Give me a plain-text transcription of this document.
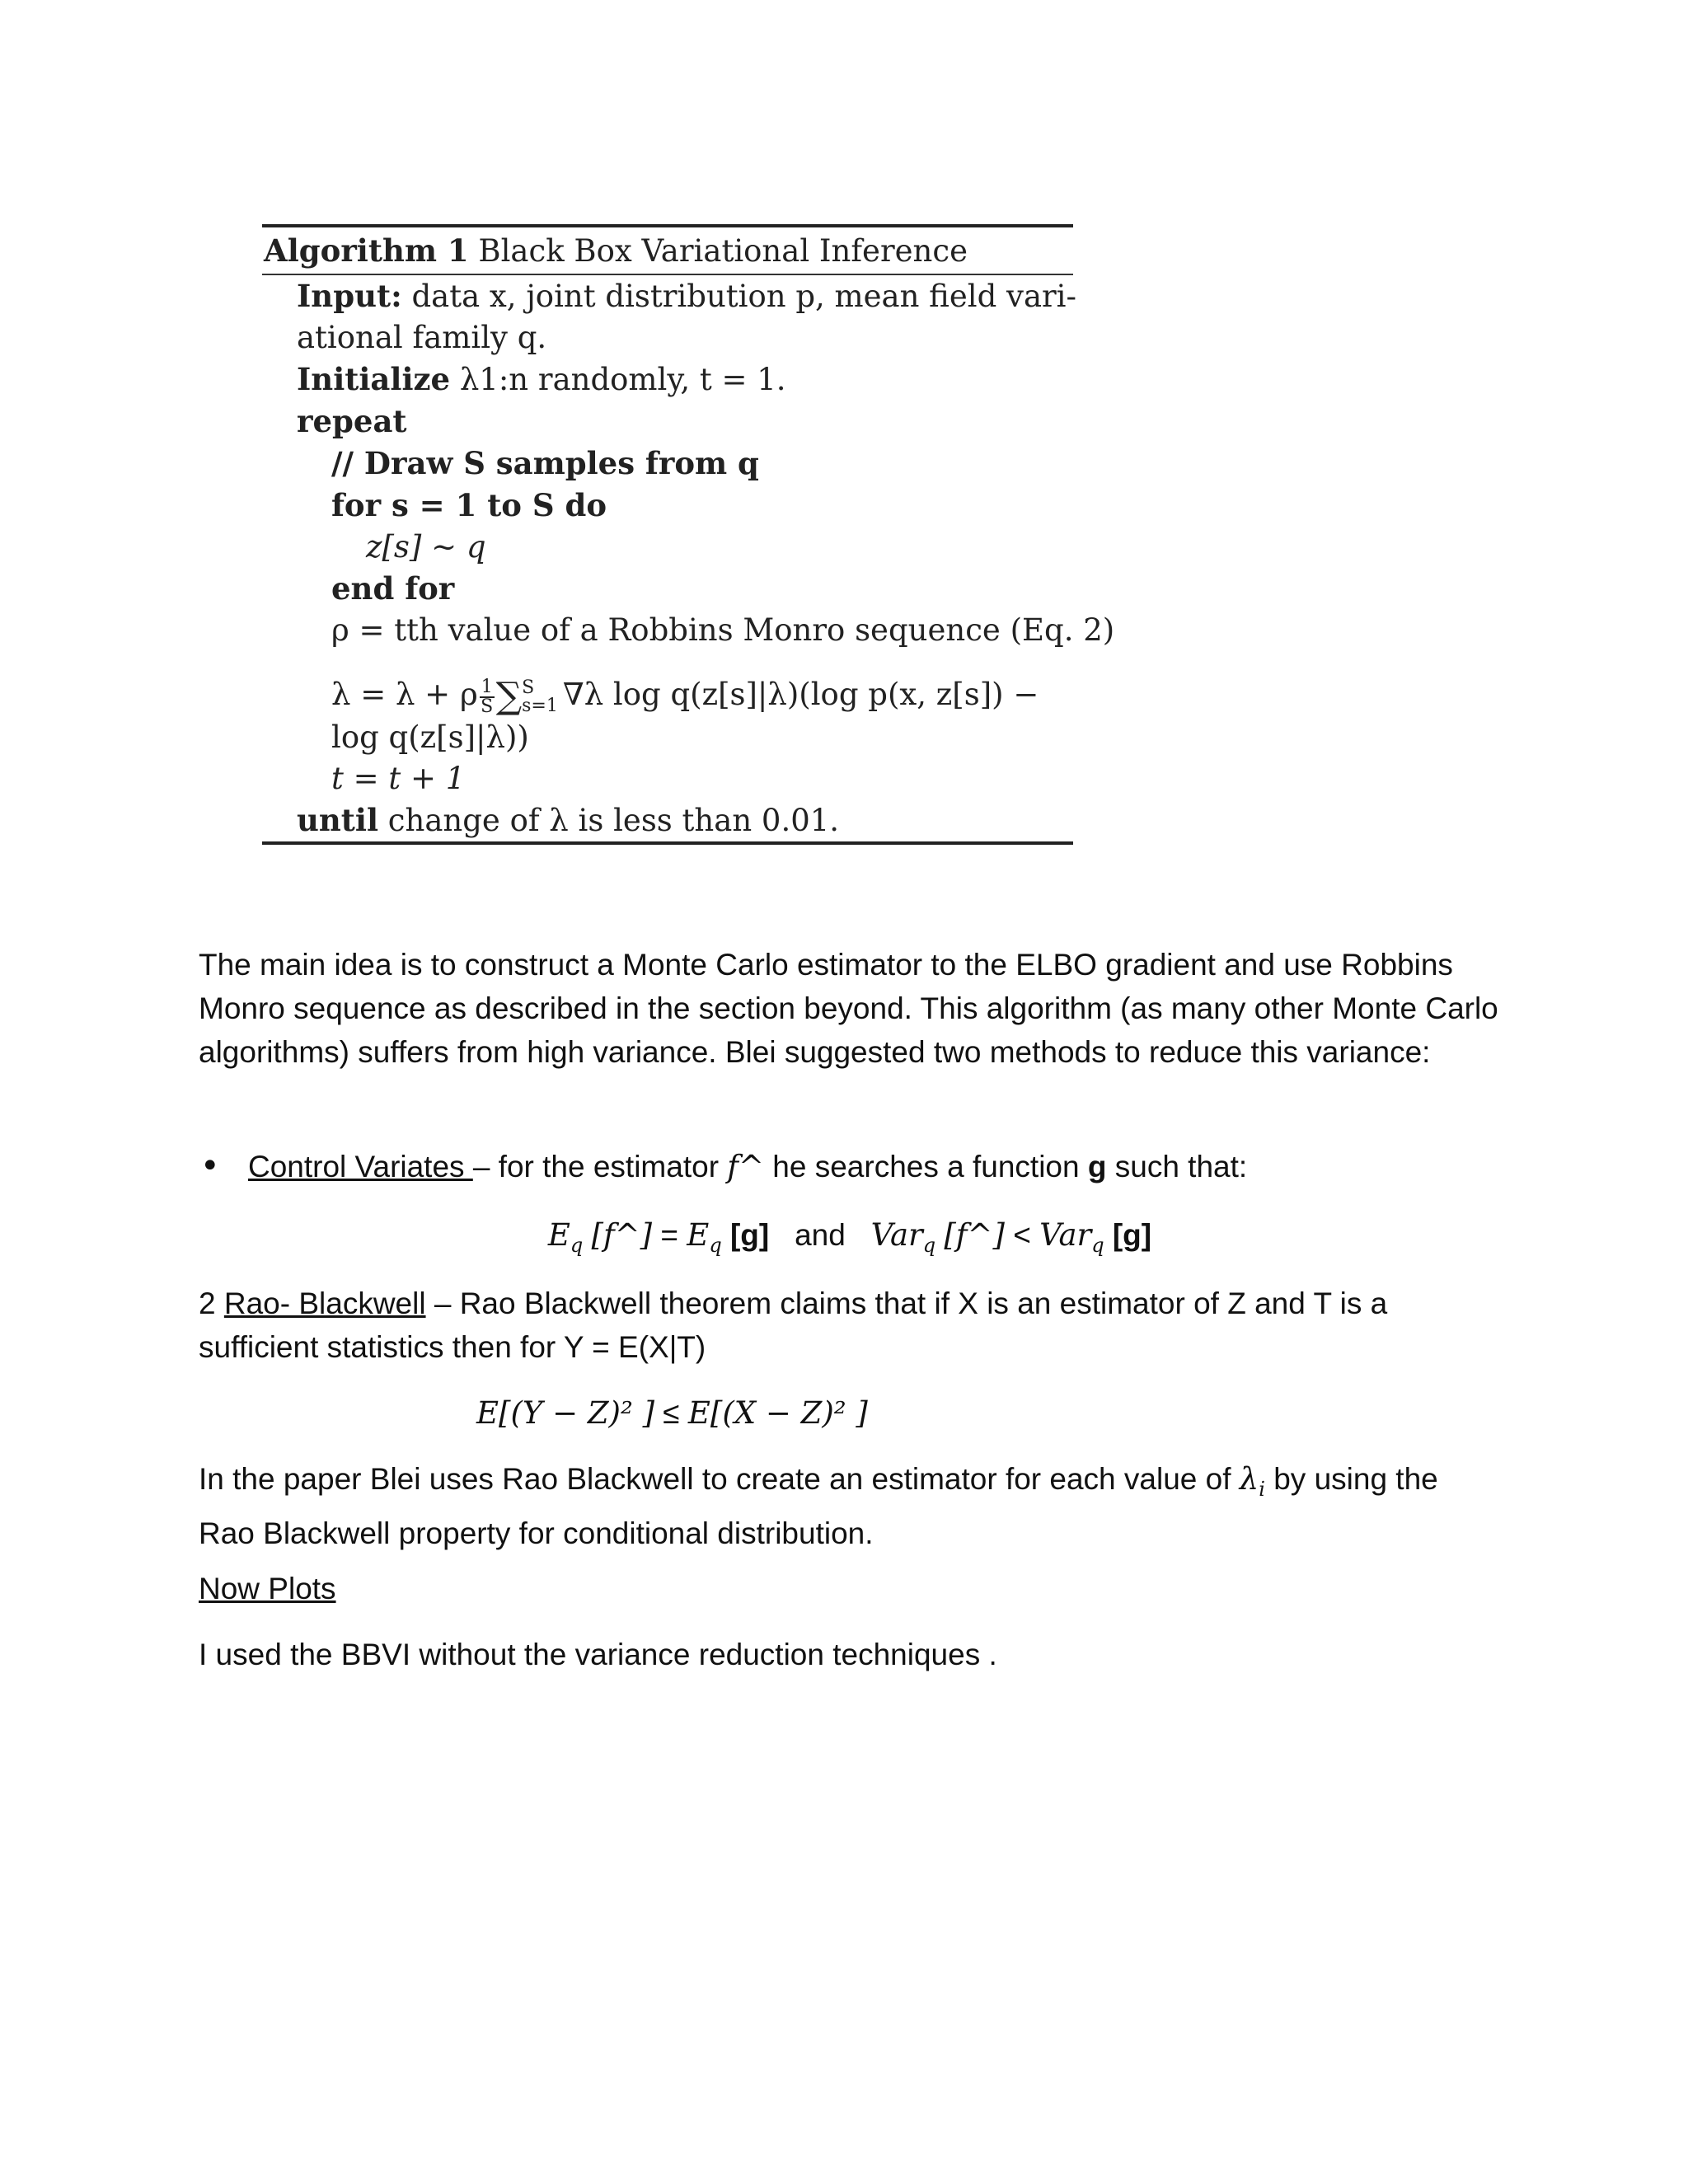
Algorithm 1 Black Box Variational Inference
Input: data x, joint distribution p, mean field vari-
ational family q.
Initialize λ1:n randomly, t = 1.
repeat
// Draw S samples from q
for s = 1 to S do
z[s] ∼ q
end for
ρ = tth value of a Robbins Monro sequence (Eq. 2)
λ = λ + ρ $\frac{1}{S}$ ∑ S
s=1 ∇λ log q(z[s]|λ)(log p(x, z[s]) −
log q(z[s]|λ))
t = t + 1
until change of λ is less than 0.01.
The main idea is to construct a Monte Carlo estimator to the ELBO gradient and use Robbins Monro sequence as described in the section beyond. This algorithm (as many other Monte Carlo algorithms) suffers from high variance. Blei suggested two methods to reduce this variance:
• Control Variates – for the estimator f^ he searches a function g such that:
$E_q$ [f^] = $E_q$ [g] and Var$_q$ [f^] < Var$_q$ [g]
2 Rao- Blackwell – Rao Blackwell theorem claims that if X is an estimator of Z and T is a sufficient statistics then for Y = E(X|T)
E[(Y − Z)² ] ≤ E[(X − Z)² ]
In the paper Blei uses Rao Blackwell to create an estimator for each value of $\lambda_i$ by using the Rao Blackwell property for conditional distribution.
Now Plots
I used the BBVI without the variance reduction techniques .
